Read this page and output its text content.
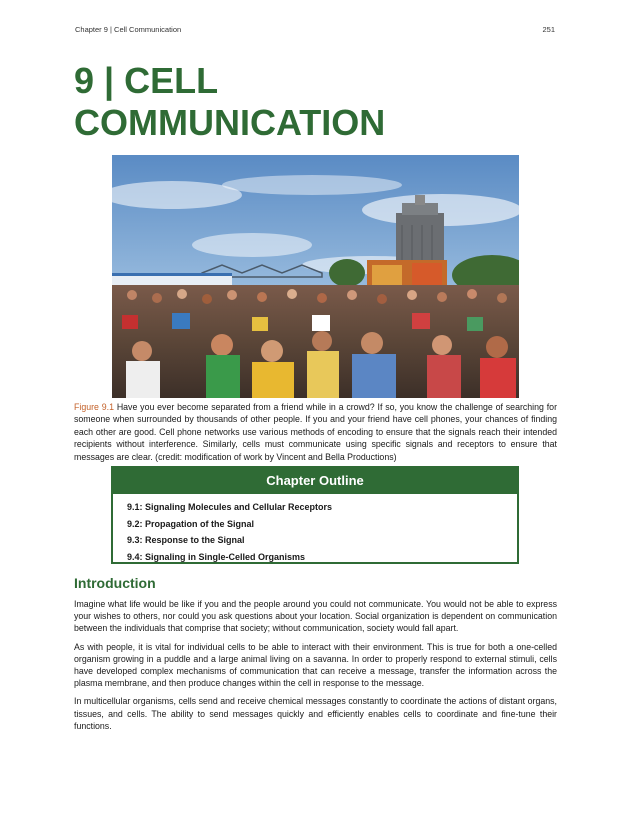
Chapter 9 | Cell Communication	251
9 | CELL
COMMUNICATION
Figure 9.1 Have you ever become separated from a friend while in a crowd? If so, you know the challenge of searching for someone when surrounded by thousands of other people. If you and your friend have cell phones, your chances of finding each other are good. Cell phone networks use various methods of encoding to ensure that the signals reach their intended recipients without interference. Similarly, cells must communicate using specific signals and receptors to ensure that messages are clear. (credit: modification of work by Vincent and Bella Productions)
Chapter Outline
9.1: Signaling Molecules and Cellular Receptors
9.2: Propagation of the Signal
9.3: Response to the Signal
9.4: Signaling in Single-Celled Organisms
Introduction

Imagine what life would be like if you and the people around you could not communicate. You would not be able to express your wishes to others, nor could you ask questions about your location. Social organization is dependent on communication between the individuals that comprise that society; without communication, society would fall apart.

As with people, it is vital for individual cells to be able to interact with their environment. This is true for both a one-celled organism growing in a puddle and a large animal living on a savanna. In order to properly respond to external stimuli, cells have developed complex mechanisms of communication that can receive a message, transfer the information across the plasma membrane, and then produce changes within the cell in response to the message.

In multicellular organisms, cells send and receive chemical messages constantly to coordinate the actions of distant organs, tissues, and cells. The ability to send messages quickly and efficiently enables cells to coordinate and fine-tune their functions.
